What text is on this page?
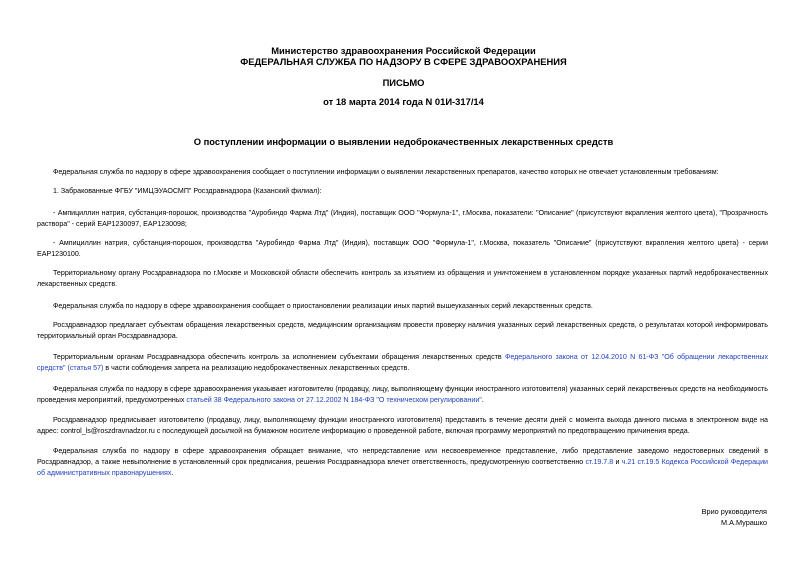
Министерство здравоохранения Российской Федерации
ФЕДЕРАЛЬНАЯ СЛУЖБА ПО НАДЗОРУ В СФЕРЕ ЗДРАВООХРАНЕНИЯ
ПИСЬМО
от 18 марта 2014 года N 01И-317/14
О поступлении информации о выявлении недоброкачественных лекарственных средств
Федеральная служба по надзору в сфере здравоохранения сообщает о поступлении информации о выявлении лекарственных препаратов, качество которых не отвечает установленным требованиям:
1. Забракованные ФГБУ "ИМЦЭУАОСМП" Росздравнадзора (Казанский филиал):
- Ампициллин натрия, субстанция-порошок, производства "Ауробиндо Фарма Лтд" (Индия), поставщик ООО "Формула-1", г.Москва, показатели: "Описание" (присутствуют вкрапления желтого цвета), "Прозрачность раствора" - серий EAP1230097, EAP1230098;
- Ампициллин натрия, субстанция-порошок, производства "Ауробиндо Фарма Лтд" (Индия), поставщик ООО "Формула-1", г.Москва, показатель "Описание" (присутствуют вкрапления желтого цвета) - серии EAP1230100.
Территориальному органу Росздравнадзора по г.Москве и Московской области обеспечить контроль за изъятием из обращения и уничтожением в установленном порядке указанных партий недоброкачественных лекарственных средств.
Федеральная служба по надзору в сфере здравоохранения сообщает о приостановлении реализации иных партий вышеуказанных серий лекарственных средств.
Росздравнадзор предлагает субъектам обращения лекарственных средств, медицинским организациям провести проверку наличия указанных серий лекарственных средств, о результатах которой информировать территориальный орган Росздравнадзора.
Территориальным органам Росздравнадзора обеспечить контроль за исполнением субъектами обращения лекарственных средств Федерального закона от 12.04.2010 N 61-ФЗ "Об обращении лекарственных средств" (статья 57) в части соблюдения запрета на реализацию недоброкачественных лекарственных средств.
Федеральная служба по надзору в сфере здравоохранения указывает изготовителю (продавцу, лицу, выполняющему функции иностранного изготовителя) указанных серий лекарственных средств на необходимость проведения мероприятий, предусмотренных статьей 38 Федерального закона от 27.12.2002 N 184-ФЗ "О техническом регулировании".
Росздравнадзор предписывает изготовителю (продавцу, лицу, выполняющему функции иностранного изготовителя) представить в течение десяти дней с момента выхода данного письма в электронном виде на адрес: control_ls@roszdravnadzor.ru с последующей досылкой на бумажном носителе информацию о проведенной работе, включая программу мероприятий по предотвращению причинения вреда.
Федеральная служба по надзору в сфере здравоохранения обращает внимание, что непредставление или несвоевременное представление, либо представление заведомо недостоверных сведений в Росздравнадзор, а также невыполнение в установленный срок предписания, решения Росздравнадзора влечет ответственность, предусмотренную соответственно ст.19.7.8 и ч.21 ст.19.5 Кодекса Российской Федерации об административных правонарушениях.
Врио руководителя
М.А.Мурашко
